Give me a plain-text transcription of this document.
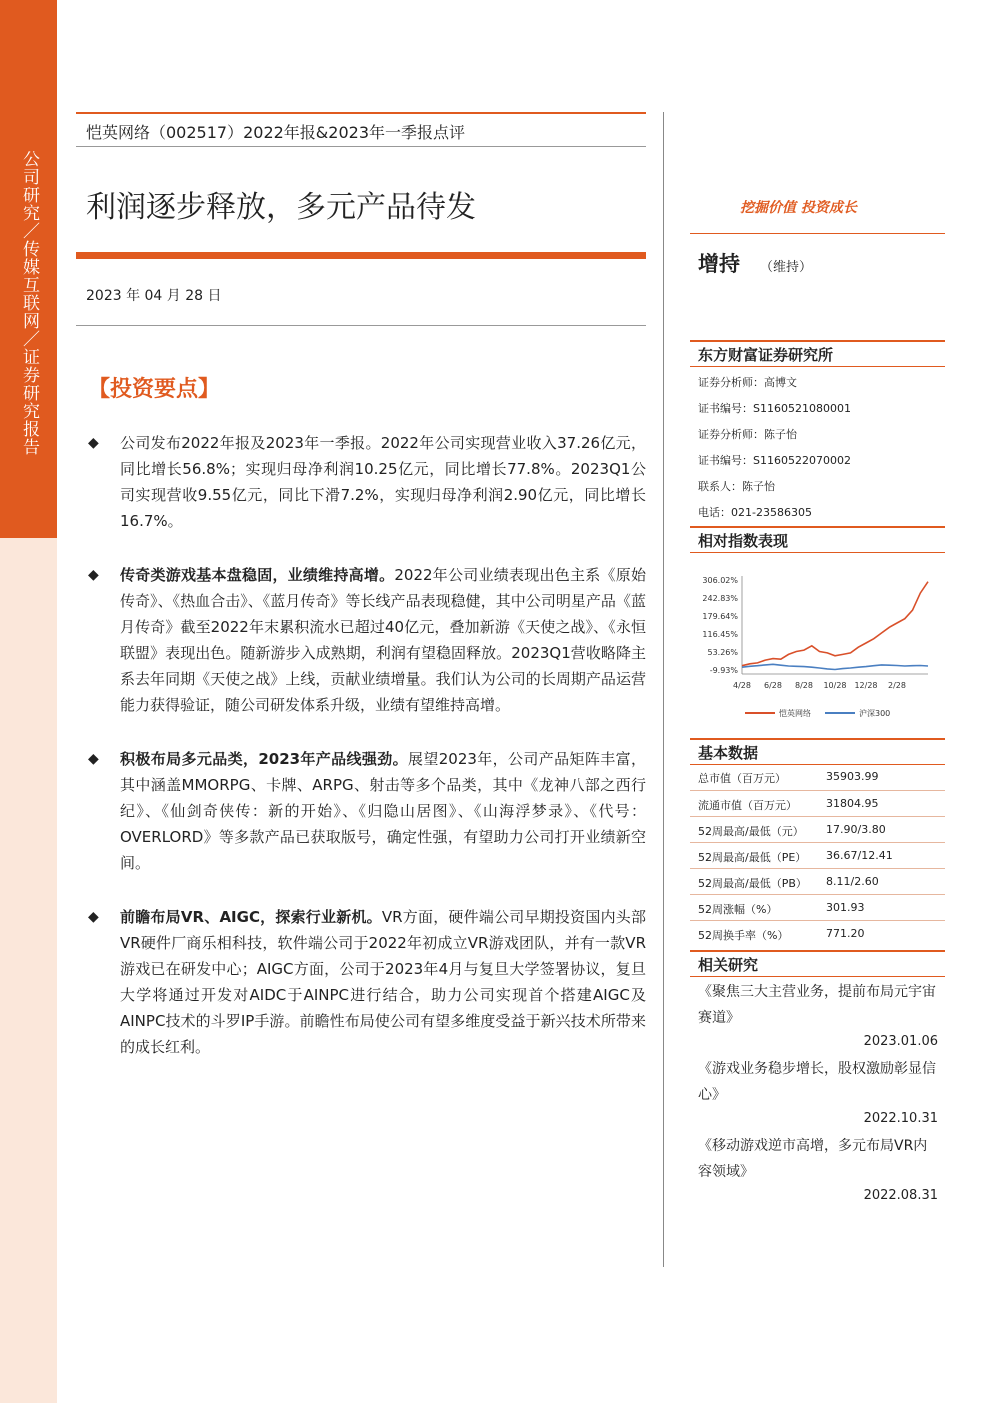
公司研究／传媒互联网／证券研究报告
恺英网络（002517）2022年报&2023年一季报点评
利润逐步释放，多元产品待发
2023 年 04 月 28 日
【投资要点】
◆ 公司发布2022年报及2023年一季报。2022年公司实现营业收入37.26亿元，同比增长56.8%；实现归母净利润10.25亿元，同比增长77.8%。2023Q1公司实现营收9.55亿元，同比下滑7.2%，实现归母净利润2.90亿元，同比增长16.7%。
◆ 传奇类游戏基本盘稳固，业绩维持高增。2022年公司业绩表现出色主系《原始传奇》、《热血合击》、《蓝月传奇》等长线产品表现稳健，其中公司明星产品《蓝月传奇》截至2022年末累积流水已超过40亿元，叠加新游《天使之战》、《永恒联盟》表现出色。随新游步入成熟期，利润有望稳固释放。2023Q1营收略降主系去年同期《天使之战》上线，贡献业绩增量。我们认为公司的长周期产品运营能力获得验证，随公司研发体系升级，业绩有望维持高增。
◆ 积极布局多元品类，2023年产品线强劲。展望2023年，公司产品矩阵丰富，其中涵盖MMORPG、卡牌、ARPG、射击等多个品类，其中《龙神八部之西行纪》、《仙剑奇侠传：新的开始》、《归隐山居图》、《山海浮梦录》、《代号：OVERLORD》等多款产品已获取版号，确定性强，有望助力公司打开业绩新空间。
◆ 前瞻布局VR、AIGC，探索行业新机。VR方面，硬件端公司早期投资国内头部VR硬件厂商乐相科技，软件端公司于2022年初成立VR游戏团队，并有一款VR游戏已在研发中心；AIGC方面，公司于2023年4月与复旦大学签署协议，复旦大学将通过开发对AIDC于AINPC进行结合，助力公司实现首个搭建AIGC及AINPC技术的斗罗IP手游。前瞻性布局使公司有望多维度受益于新兴技术所带来的成长红利。
挖掘价值 投资成长
增持 （维持）
东方财富证券研究所
证券分析师：高博文
证书编号：S1160521080001
证券分析师：陈子怡
证书编号：S1160522070002
联系人：陈子怡
电话：021-23586305
相对指数表现
306.02%
242.83%
179.64%
116.45%
53.26%
-9.93%
4/28 6/28 8/28 10/28 12/28 2/28
恺英网络	沪深300
基本数据
总市值（百万元）	35903.99
流通市值（百万元）	31804.95
52周最高/最低（元） 17.90/3.80
52周最高/最低（PE） 36.67/12.41
52周最高/最低（PB） 8.11/2.60
52周涨幅（%）	301.93
52周换手率（%）	771.20
相关研究
《聚焦三大主营业务，提前布局元宇宙赛道》
2023.01.06
《游戏业务稳步增长，股权激励彰显信心》
2022.10.31
《移动游戏逆市高增，多元布局VR内容领域》
2022.08.31
